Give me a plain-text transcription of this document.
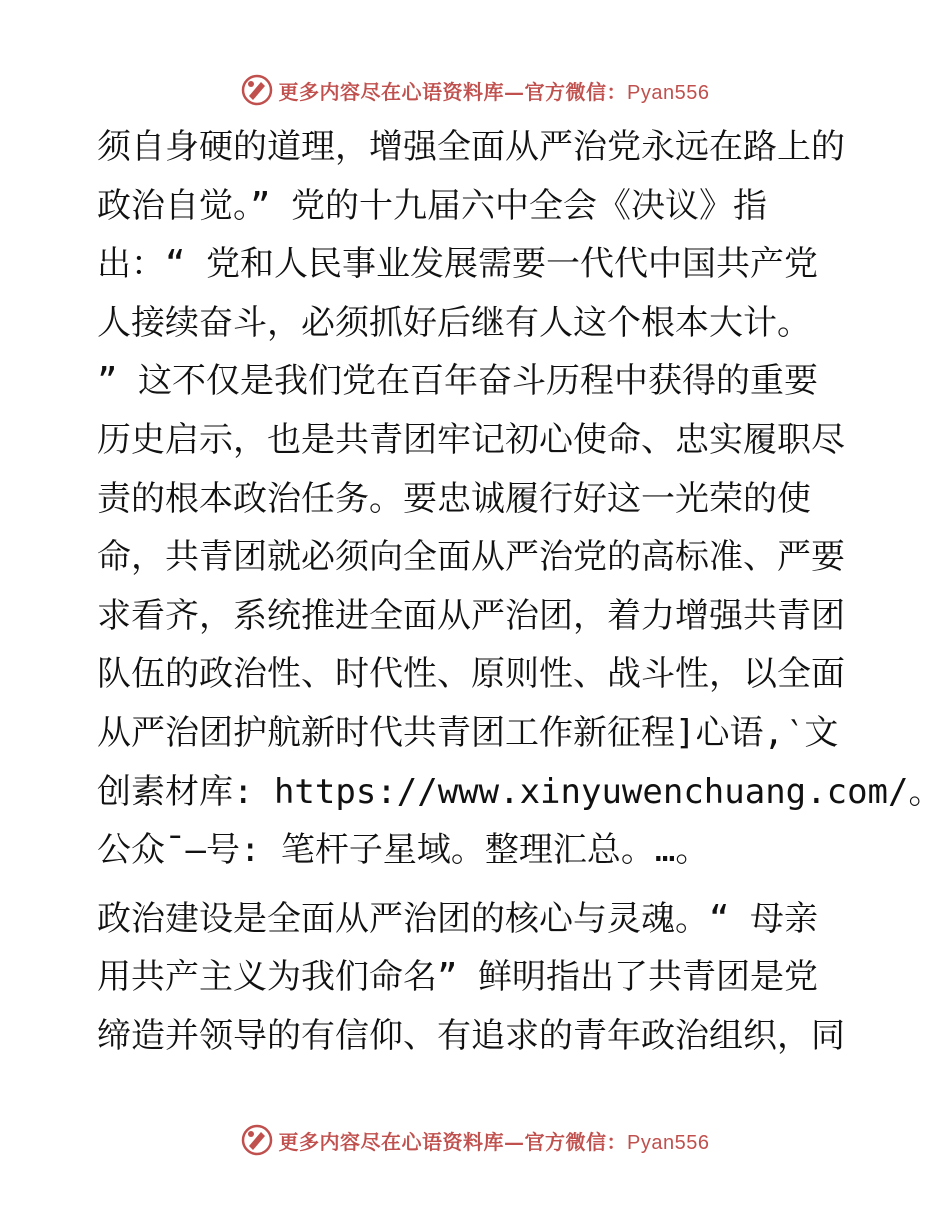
更多内容尽在心语资料库—官方微信：Pyan556
须自身硬的道理，增强全面从严治党永远在路上的
政治自觉。” 党的十九届六中全会《决议》指
出：“ 党和人民事业发展需要一代代中国共产党
人接续奋斗，必须抓好后继有人这个根本大计。
” 这不仅是我们党在百年奋斗历程中获得的重要
历史启示，也是共青团牢记初心使命、忠实履职尽
责的根本政治任务。要忠诚履行好这一光荣的使
命，共青团就必须向全面从严治党的高标准、严要
求看齐，系统推进全面从严治团，着力增强共青团
队伍的政治性、时代性、原则性、战斗性，以全面
从严治团护航新时代共青团工作新征程]心语,‵文
创素材库: https://www.xinyuwenchuang.com/。
公众¯—号: 笔杆子星域。整理汇总。…。
政治建设是全面从严治团的核心与灵魂。“ 母亲
用共产主义为我们命名” 鲜明指出了共青团是党
缔造并领导的有信仰、有追求的青年政治组织，同
更多内容尽在心语资料库—官方微信：Pyan556
